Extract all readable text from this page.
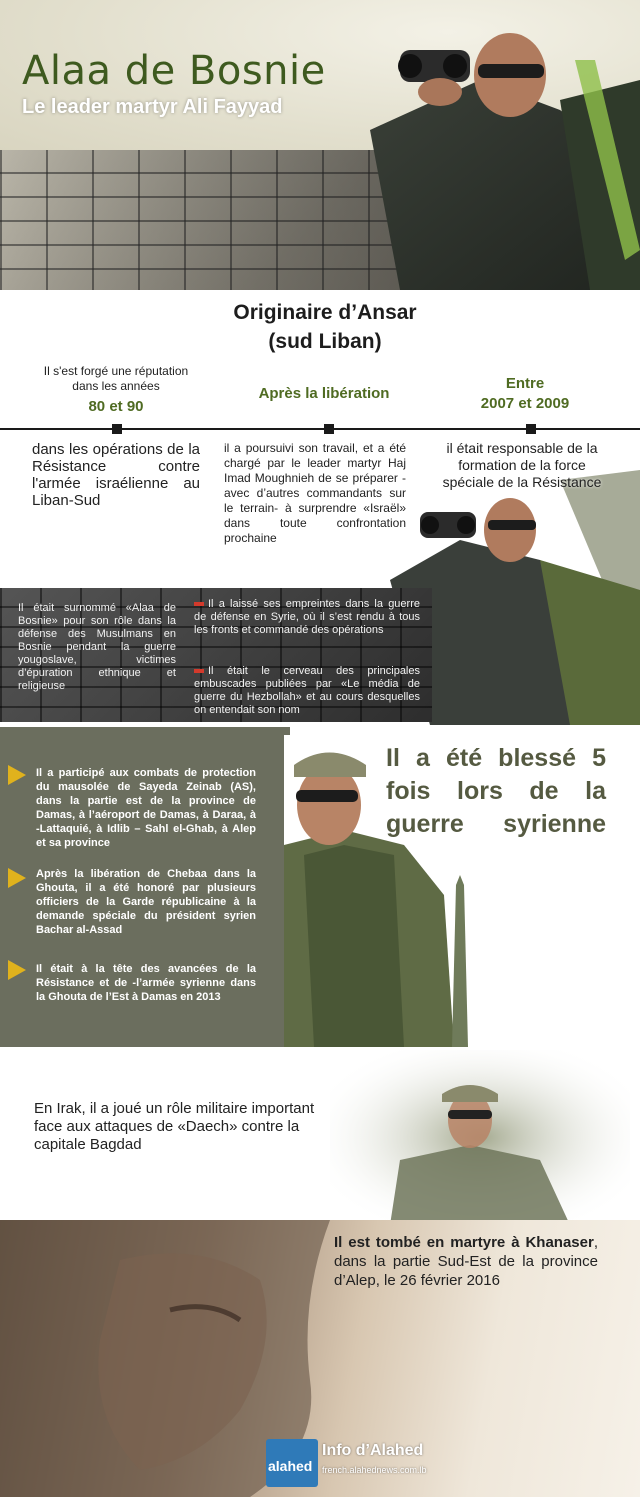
Alaa de Bosnie
Le leader martyr Ali Fayyad
Originaire d’Ansar
(sud Liban)
Il s'est forgé une réputation dans les années
80 et 90
Après la libération
Entre
2007 et 2009
dans les opérations de la Résistance contre l'armée israélienne au Liban-Sud
il a poursuivi son travail, et a été chargé par le leader martyr Haj Imad Moughnieh de se préparer -avec d’autres commandants sur le terrain- à surprendre «Israël» dans toute confrontation prochaine
il était responsable de la formation de la force spéciale de la Résistance
Il était surnommé «Alaa de Bosnie» pour son rôle dans la défense des Musulmans en Bosnie pendant la guerre yougoslave, victimes d’épuration ethnique et religieuse
Il a laissé ses empreintes dans la guerre de défense en Syrie, où il s’est rendu à tous les fronts et commandé des opérations
Il était le cerveau des principales embuscades publiées par «Le média de guerre du Hezbollah» et au cours desquelles on entendait son nom
Il a participé aux combats de protection du mausolée de Sayeda Zeinab (AS), dans la partie est de la province de Damas, à l’aéroport de Damas, à Daraa, à -Lattaquié, à Idlib – Sahl el-Ghab, à Alep et sa province
Après la libération de Chebaa dans la Ghouta, il a été honoré par plusieurs officiers de la Garde républicaine à la demande spéciale du président syrien Bachar al-Assad
Il était à la tête des avancées de la Résistance et de -l’armée syrienne dans la Ghouta de l’Est à Damas en 2013
Il a été blessé 5 fois lors de la guerre syrienne
En Irak, il a joué un rôle militaire important face aux attaques de «Daech» contre la capitale Bagdad
Il est tombé en martyre à Khanaser, dans la partie Sud-Est de la province d’Alep, le 26 février 2016
alahed
Info d’Alahed
french.alahednews.com.lb
